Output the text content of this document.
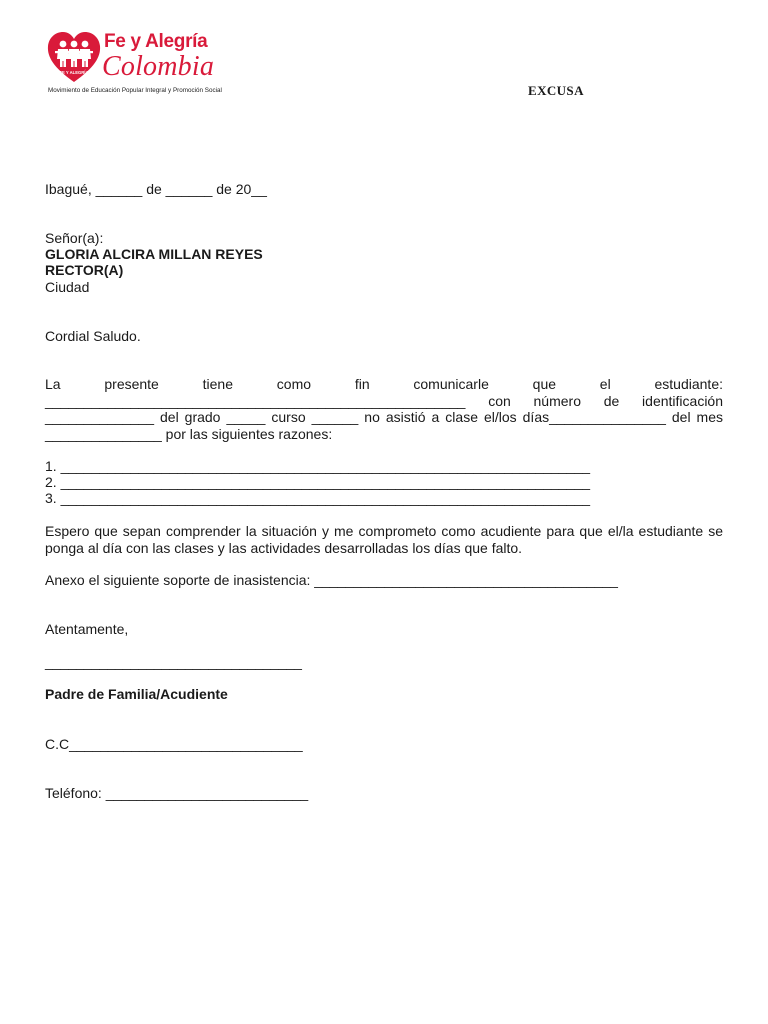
FE Y ALEGRÍA
Fe y Alegría
Colombia
Movimiento de Educación Popular Integral y Promoción Social	EXCUSA
Ibagué, ______ de ______ de 20__
Señor(a):
GLORIA ALCIRA MILLAN REYES
RECTOR(A)
Ciudad
Cordial Saludo.
La presente tiene como fin comunicarle que el estudiante: ______________________________________________________ con número de identificación ______________ del grado _____ curso ______ no asistió a clase el/los días_______________ del mes _______________ por las siguientes razones:
1. ____________________________________________________________________
2. ____________________________________________________________________
3. ____________________________________________________________________
Espero que sepan comprender la situación y me comprometo como acudiente para que el/la estudiante se ponga al día con las clases y las actividades desarrolladas los días que falto.
Anexo el siguiente soporte de inasistencia: _______________________________________
Atentamente,
_________________________________
Padre de Familia/Acudiente
C.C______________________________
Teléfono: __________________________
